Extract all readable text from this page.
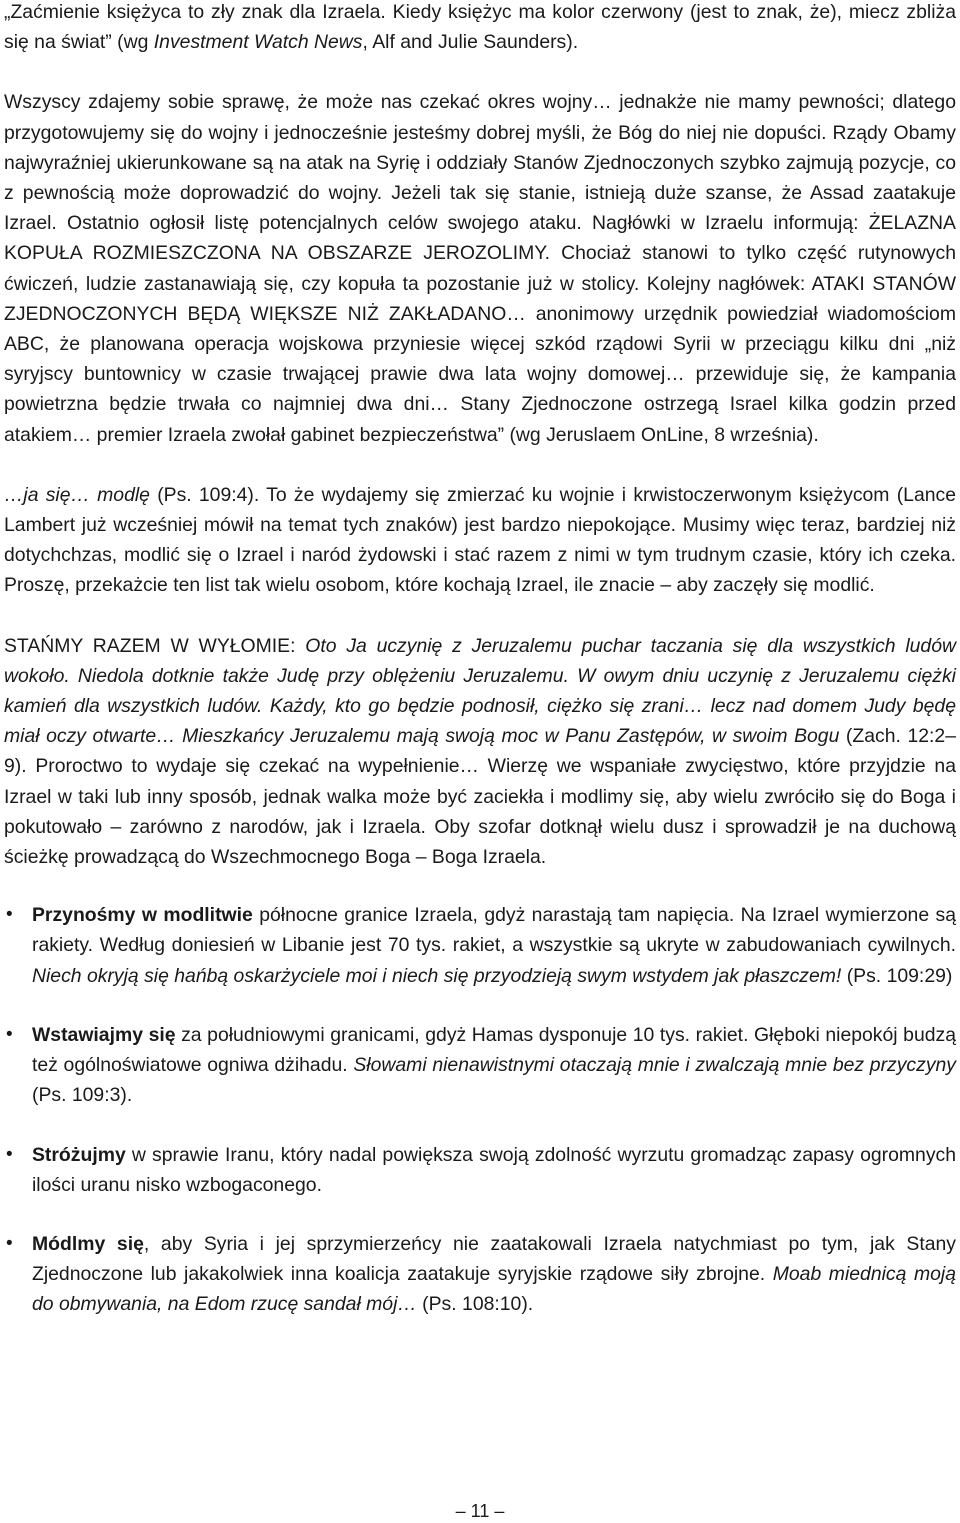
„Zaćmienie księżyca to zły znak dla Izraela. Kiedy księżyc ma kolor czerwony (jest to znak, że), miecz zbliża się na świat” (wg Investment Watch News, Alf and Julie Saunders).

Wszyscy zdajemy sobie sprawę, że może nas czekać okres wojny… jednakże nie mamy pewności; dlatego przygotowujemy się do wojny i jednocześnie jesteśmy dobrej myśli, że Bóg do niej nie dopuści. Rządy Obamy najwyraźniej ukierunkowane są na atak na Syrię i oddziały Stanów Zjednoczonych szybko zajmują pozycje, co z pewnością może doprowadzić do wojny. Jeżeli tak się stanie, istnieją duże szanse, że Assad zaatakuje Izrael. Ostatnio ogłosił listę potencjalnych celów swojego ataku. Nagłówki w Izraelu informują: ŻELAZNA KOPUŁA ROZMIESZCZONA NA OBSZARZE JEROZOLIMY. Chociaż stanowi to tylko część rutynowych ćwiczeń, ludzie zastanawiają się, czy kopuła ta pozostanie już w stolicy. Kolejny nagłówek: ATAKI STANÓW ZJEDNOCZONYCH BĘDĄ WIĘKSZE NIŻ ZAKŁADANO… anonimowy urzędnik powiedział wiadomościom ABC, że planowana operacja wojskowa przyniesie więcej szkód rządowi Syrii w przeciągu kilku dni „niż syryjscy buntownicy w czasie trwającej prawie dwa lata wojny domowej… przewiduje się, że kampania powietrzna będzie trwała co najmniej dwa dni… Stany Zjednoczone ostrzegą Israel kilka godzin przed atakiem… premier Izraela zwołał gabinet bezpieczeństwa” (wg Jeruslaem OnLine, 8 września).

…ja się… modlę (Ps. 109:4). To że wydajemy się zmierzać ku wojnie i krwistoczerwonym księżycom (Lance Lambert już wcześniej mówił na temat tych znaków) jest bardzo niepokojące. Musimy więc teraz, bardziej niż dotychchzas, modlić się o Izrael i naród żydowski i stać razem z nimi w tym trudnym czasie, który ich czeka. Proszę, przekażcie ten list tak wielu osobom, które kochają Izrael, ile znacie – aby zaczęły się modlić.

STAŃMY RAZEM W WYŁOMIE: Oto Ja uczynię z Jeruzalemu puchar taczania się dla wszystkich ludów wokoło. Niedola dotknie także Judę przy oblężeniu Jeruzalemu. W owym dniu uczynię z Jeruzalemu ciężki kamień dla wszystkich ludów. Każdy, kto go będzie podnosił, ciężko się zrani… lecz nad domem Judy będę miał oczy otwarte… Mieszkańcy Jeruzalemu mają swoją moc w Panu Zastępów, w swoim Bogu (Zach. 12:2–9). Proroctwo to wydaje się czekać na wypełnienie… Wierzę we wspaniałe zwycięstwo, które przyjdzie na Izrael w taki lub inny sposób, jednak walka może być zaciekła i modlimy się, aby wielu zwróciło się do Boga i pokutowało – zarówno z narodów, jak i Izraela. Oby szofar dotknął wielu dusz i sprowadził je na duchową ścieżkę prowadzącą do Wszechmocnego Boga – Boga Izraela.

• Przynośmy w modlitwie północne granice Izraela, gdyż narastają tam napięcia. Na Izrael wymierzone są rakiety. Według doniesień w Libanie jest 70 tys. rakiet, a wszystkie są ukryte w zabudowaniach cywilnych. Niech okryją się hańbą oskarżyciele moi i niech się przyodzieją swym wstydem jak płaszczem! (Ps. 109:29)
• Wstawiajmy się za południowymi granicami, gdyż Hamas dysponuje 10 tys. rakiet. Głęboki niepokój budzą też ogólnoświatowe ogniwa dżihadu. Słowami nienawistnymi otaczają mnie i zwalczają mnie bez przyczyny (Ps. 109:3).
• Stróżujmy w sprawie Iranu, który nadal powiększa swoją zdolność wyrzutu gromadząc zapasy ogromnych ilości uranu nisko wzbogaconego.
• Módlmy się, aby Syria i jej sprzymierzeńcy nie zaatakowali Izraela natychmiast po tym, jak Stany Zjednoczone lub jakakolwiek inna koalicja zaatakuje syryjskie rządowe siły zbrojne. Moab miednicą moją do obmywania, na Edom rzucę sandał mój… (Ps. 108:10).
– 11 –
